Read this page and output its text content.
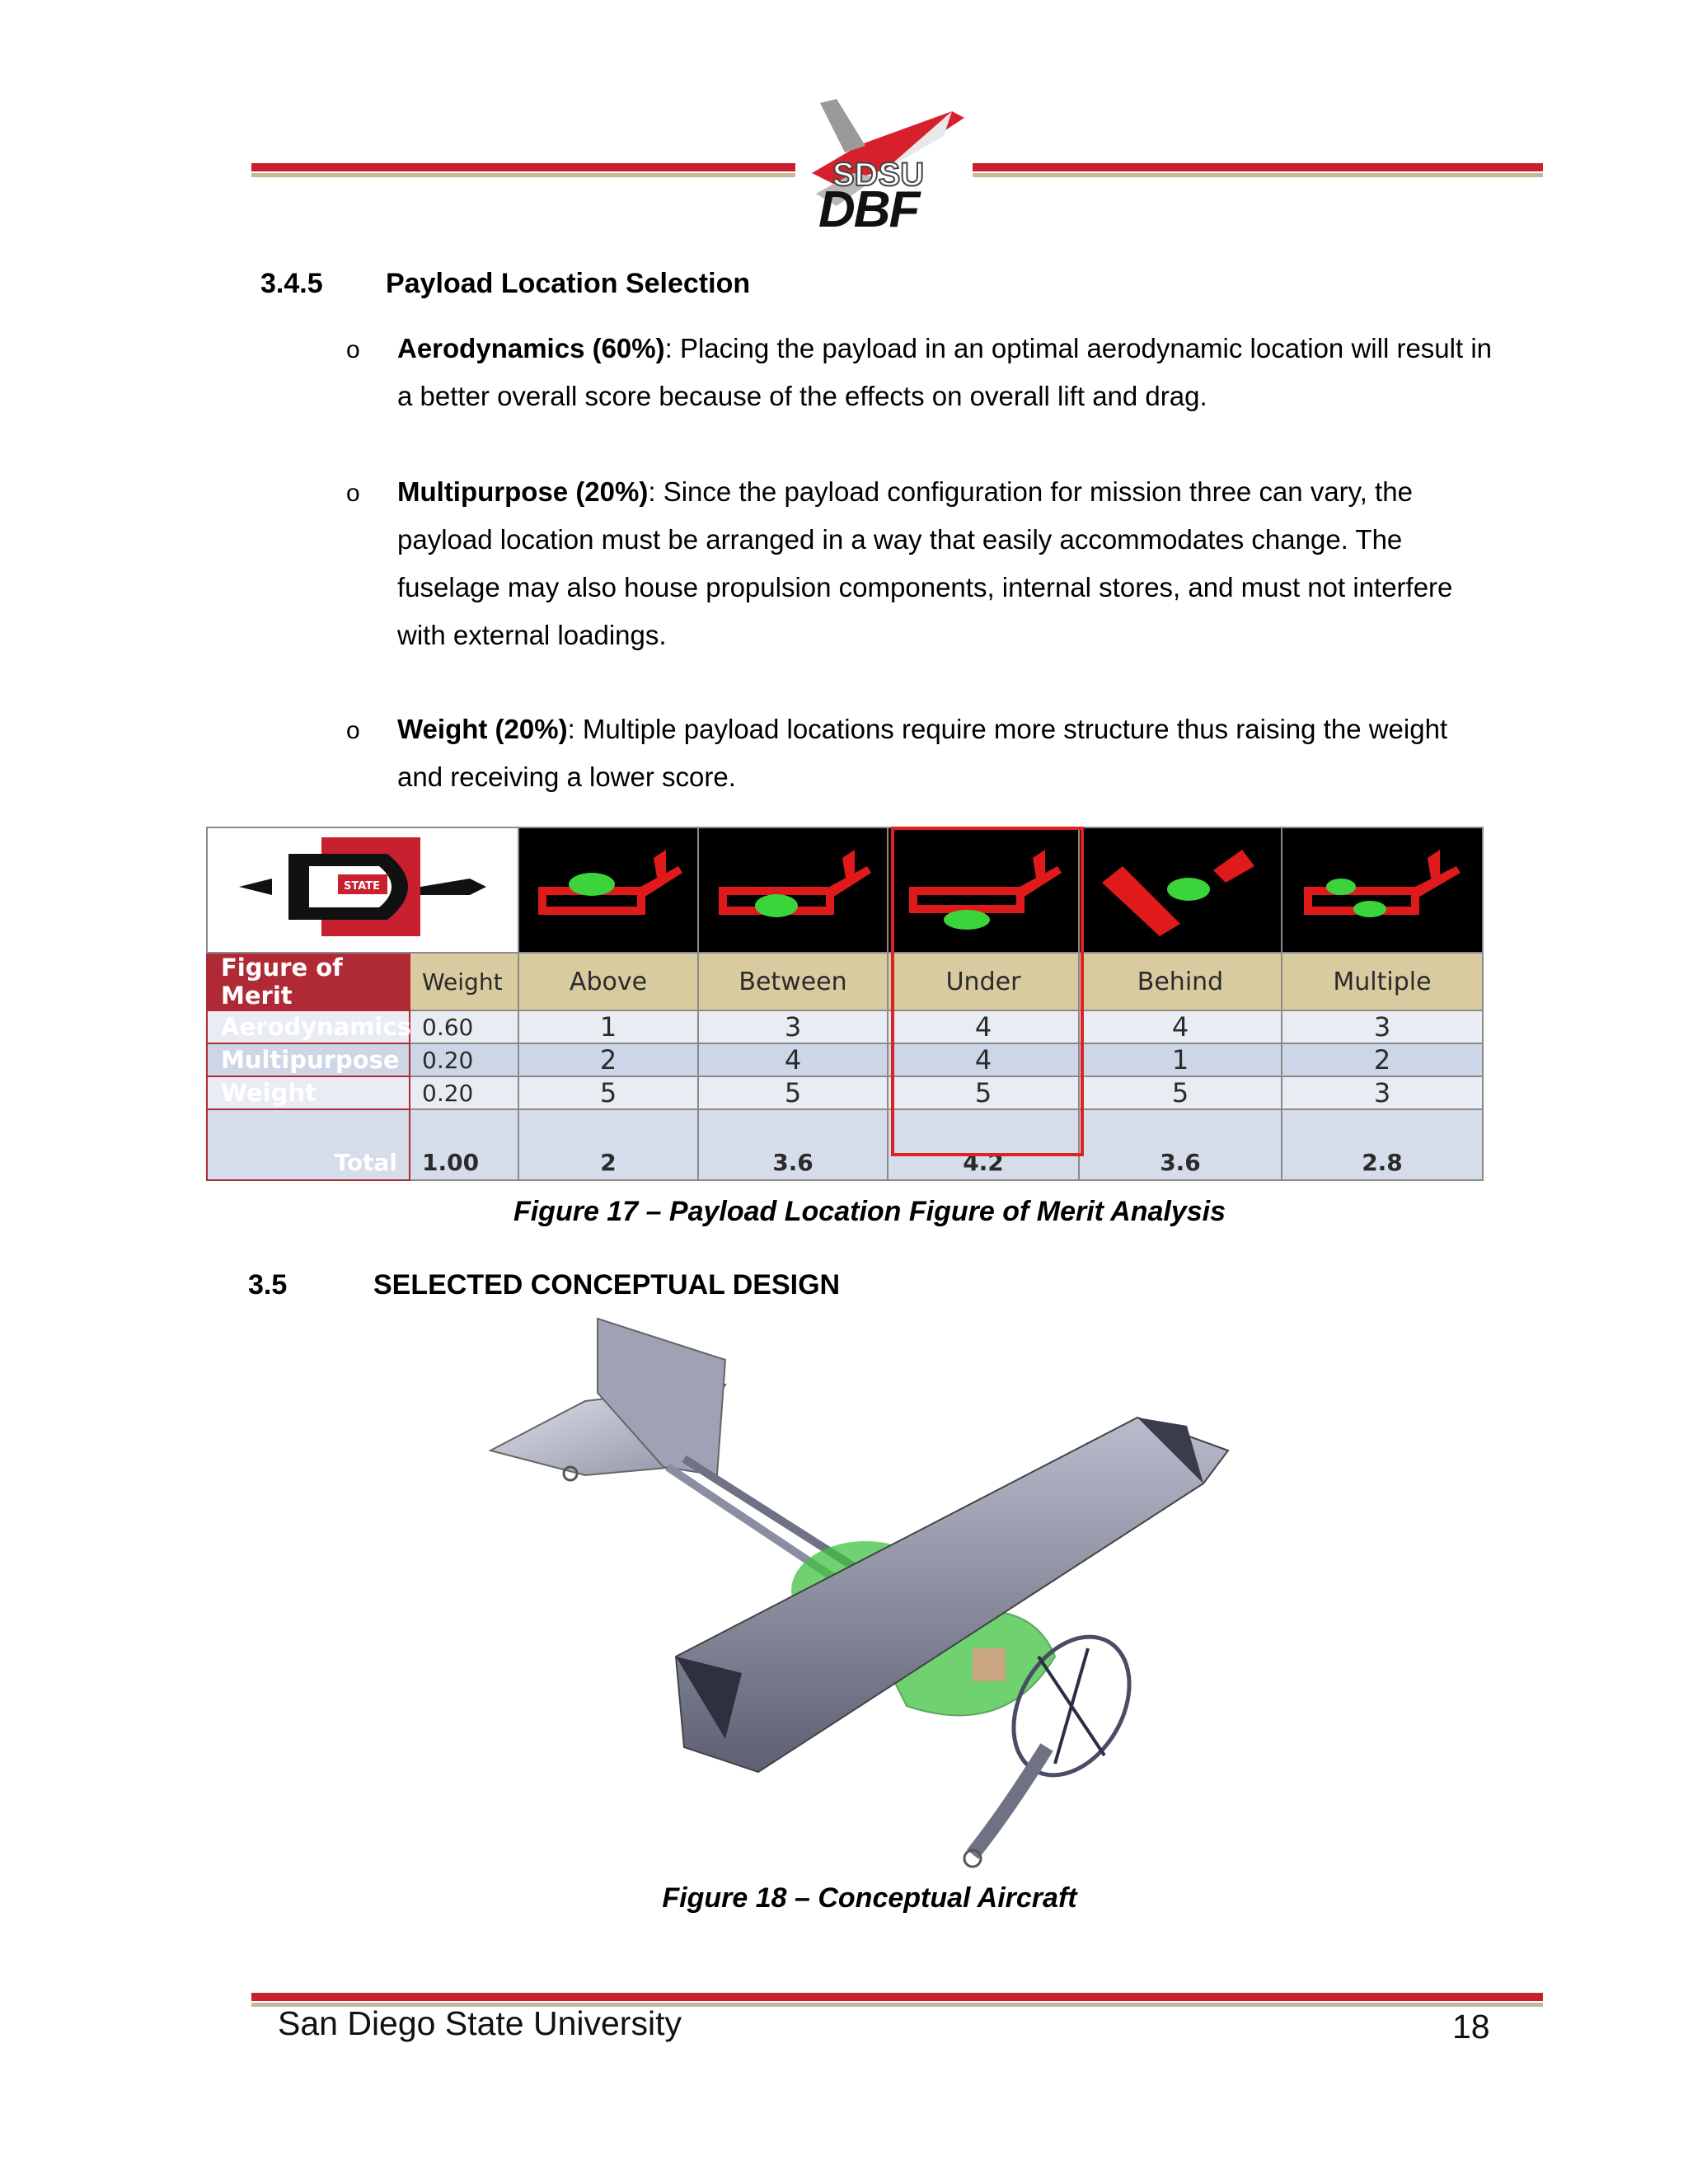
SDSU
DBF
3.4.5 Payload Location Selection
o Aerodynamics (60%): Placing the payload in an optimal aerodynamic location will result in a better overall score because of the effects on overall lift and drag.
o Multipurpose (20%): Since the payload configuration for mission three can vary, the payload location must be arranged in a way that easily accommodates change. The fuselage may also house propulsion components, internal stores, and must not interfere with external loadings.
o Weight (20%): Multiple payload locations require more structure thus raising the weight and receiving a lower score.
STATE

Figure of Merit	Weight	Above	Between	Under	Behind	Multiple
Aerodynamics	0.60	1	3	4	4	3
Multipurpose	0.20	2	4	4	1	2
Weight	0.20	5	5	5	5	3
Total	1.00	2	3.6	4.2	3.6	2.8
Figure 17 – Payload Location Figure of Merit Analysis
3.5	SELECTED CONCEPTUAL DESIGN
Figure 18 – Conceptual Aircraft
San Diego State University	18
